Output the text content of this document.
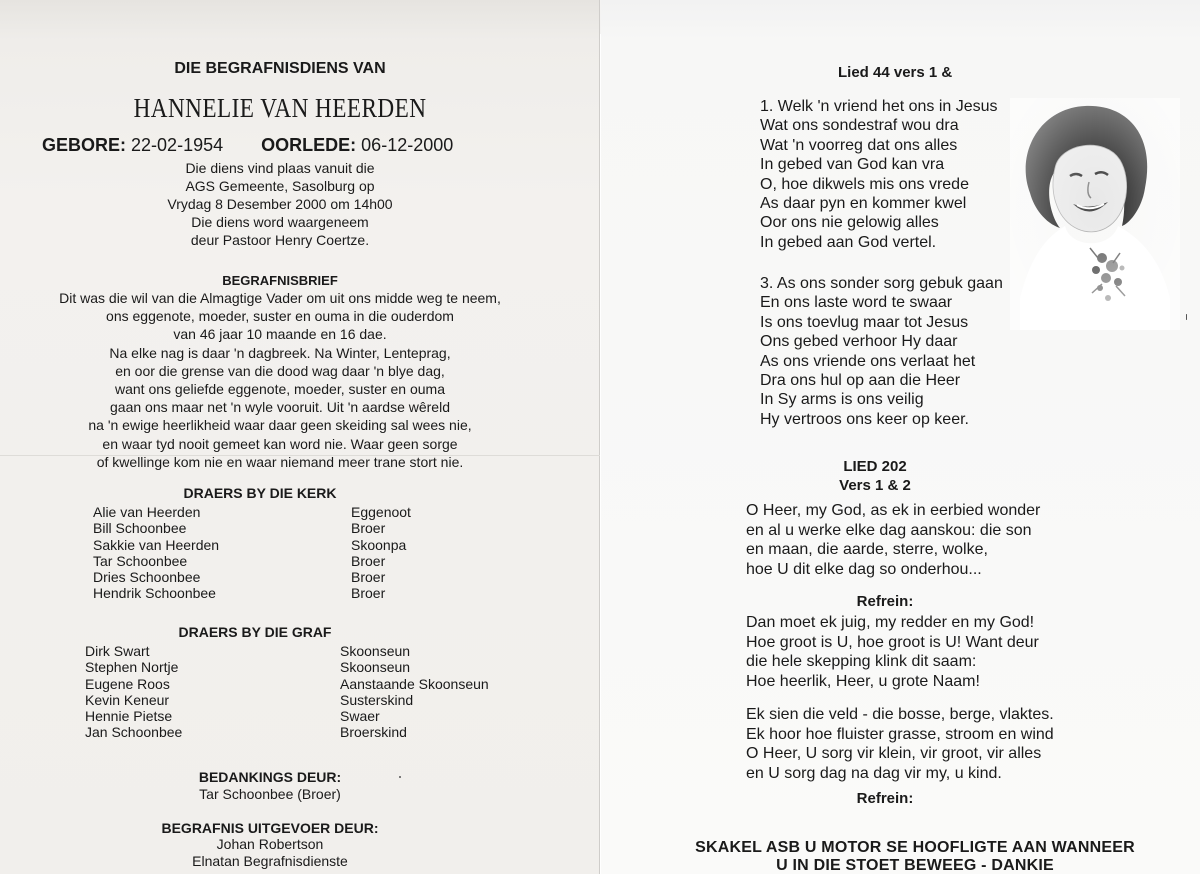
DIE BEGRAFNISDIENS VAN
HANNELIE VAN HEERDEN
GEBORE: 22-02-1954 OORLEDE: 06-12-2000
Die diens vind plaas vanuit die
AGS Gemeente, Sasolburg op
Vrydag 8 Desember 2000 om 14h00
Die diens word waargeneem
deur Pastoor Henry Coertze.
BEGRAFNISBRIEF
Dit was die wil van die Almagtige Vader om uit ons midde weg te neem,
ons eggenote, moeder, suster en ouma in die ouderdom
van 46 jaar 10 maande en 16 dae.
Na elke nag is daar 'n dagbreek. Na Winter, Lenteprag,
en oor die grense van die dood wag daar 'n blye dag,
want ons geliefde eggenote, moeder, suster en ouma
gaan ons maar net 'n wyle vooruit. Uit 'n aardse wêreld
na 'n ewige heerlikheid waar daar geen skeiding sal wees nie,
en waar tyd nooit gemeet kan word nie. Waar geen sorge
of kwellinge kom nie en waar niemand meer trane stort nie.
DRAERS BY DIE KERK
Alie van Heerden	Eggenoot
Bill Schoonbee	Broer
Sakkie van Heerden	Skoonpa
Tar Schoonbee	Broer
Dries Schoonbee	Broer
Hendrik Schoonbee	Broer
DRAERS BY DIE GRAF
Dirk Swart	Skoonseun
Stephen Nortje	Skoonseun
Eugene Roos	Aanstaande Skoonseun
Kevin Keneur	Susterskind
Hennie Pietse	Swaer
Jan Schoonbee	Broerskind
BEDANKINGS DEUR:
Tar Schoonbee (Broer)
BEGRAFNIS UITGEVOER DEUR:
Johan Robertson
Elnatan Begrafnisdienste
Lied 44 vers 1 &
1. Welk 'n vriend het ons in Jesus
Wat ons sondestraf wou dra
Wat 'n voorreg dat ons alles
In gebed van God kan vra
O, hoe dikwels mis ons vrede
As daar pyn en kommer kwel
Oor ons nie gelowig alles
In gebed aan God vertel.
3. As ons sonder sorg gebuk gaan
En ons laste word te swaar
Is ons toevlug maar tot Jesus
Ons gebed verhoor Hy daar
As ons vriende ons verlaat het
Dra ons hul op aan die Heer
In Sy arms is ons veilig
Hy vertroos ons keer op keer.
LIED 202
Vers 1 & 2
O Heer, my God, as ek in eerbied wonder
en al u werke elke dag aanskou: die son
en maan, die aarde, sterre, wolke,
hoe U dit elke dag so onderhou...
Refrein:
Dan moet ek juig, my redder en my God!
Hoe groot is U, hoe groot is U! Want deur
die hele skepping klink dit saam:
Hoe heerlik, Heer, u grote Naam!
Ek sien die veld - die bosse, berge, vlaktes.
Ek hoor hoe fluister grasse, stroom en wind
O Heer, U sorg vir klein, vir groot, vir alles
en U sorg dag na dag vir my, u kind.
Refrein:
SKAKEL ASB U MOTOR SE HOOFLIGTE AAN WANNEER
U IN DIE STOET BEWEEG - DANKIE
